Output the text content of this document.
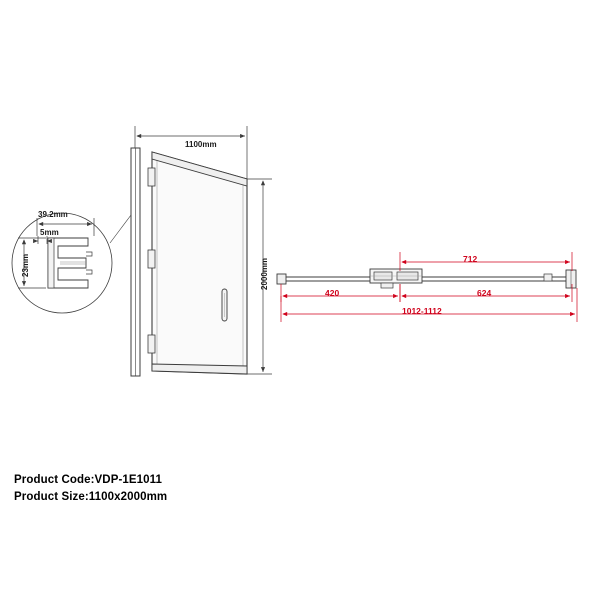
1100mm
2000mm
39.2mm
5mm
23mm	712
420	624
1012-1112
Product Code:VDP-1E1011
Product Size:1100x2000mm
